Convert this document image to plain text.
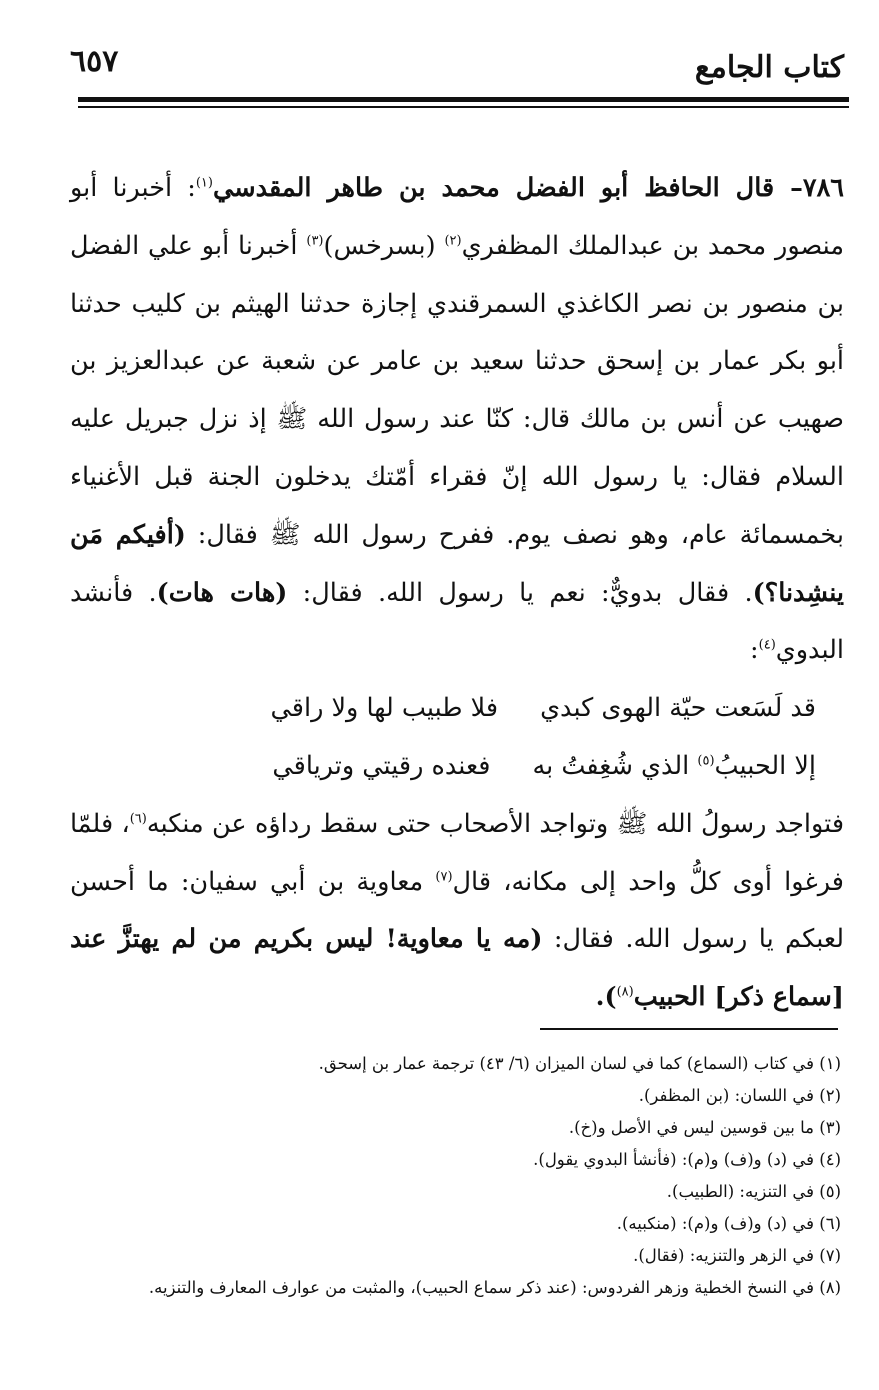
كتاب الجامع
٦٥٧

٧٨٦– قال الحافظ أبو الفضل محمد بن طاهر المقدسي$^{(١)}$: أخبرنا أبو منصور محمد بن عبدالملك المظفري$^{(٢)}$ (بسرخس)$^{(٣)}$ أخبرنا أبو علي الفضل بن منصور بن نصر الكاغذي السمرقندي إجازة حدثنا الهيثم بن كليب حدثنا أبو بكر عمار بن إسحق حدثنا سعيد بن عامر عن شعبة عن عبدالعزيز بن صهيب عن أنس بن مالك قال: كنّا عند رسول الله ﷺ إذ نزل جبريل عليه السلام فقال: يا رسول الله إنّ فقراء أمّتك يدخلون الجنة قبل الأغنياء بخمسمائة عام، وهو نصف يوم. ففرح رسول الله ﷺ فقال: (أفيكم مَن ينشِدنا؟). فقال بدويٌّ: نعم يا رسول الله. فقال: (هات هات). فأنشد البدوي$^{(٤)}$:

قد لَسَعت حيّة الهوى كبدي
فلا طبيب لها ولا راقي
إلا الحبيبُ$^{(٥)}$ الذي شُغِفتُ به
فعنده رقيتي وترياقي

فتواجد رسولُ الله ﷺ وتواجد الأصحاب حتى سقط رداؤه عن منكبه$^{(٦)}$، فلمّا فرغوا أوى كلُّ واحد إلى مكانه، قال$^{(٧)}$ معاوية بن أبي سفيان: ما أحسن لعبكم يا رسول الله. فقال: (مه يا معاوية! ليس بكريم من لم يهتزَّ عند [سماع ذكر] الحبيب$^{(٨)}$).

(١) في كتاب (السماع) كما في لسان الميزان (٦/ ٤٣) ترجمة عمار بن إسحق.
(٢) في اللسان: (بن المظفر).
(٣) ما بين قوسين ليس في الأصل و(خ).
(٤) في (د) و(ف) و(م): (فأنشأ البدوي يقول).
(٥) في التنزيه: (الطبيب).
(٦) في (د) و(ف) و(م): (منكبيه).
(٧) في الزهر والتنزيه: (فقال).
(٨) في النسخ الخطية وزهر الفردوس: (عند ذكر سماع الحبيب)، والمثبت من عوارف المعارف والتنزيه.
